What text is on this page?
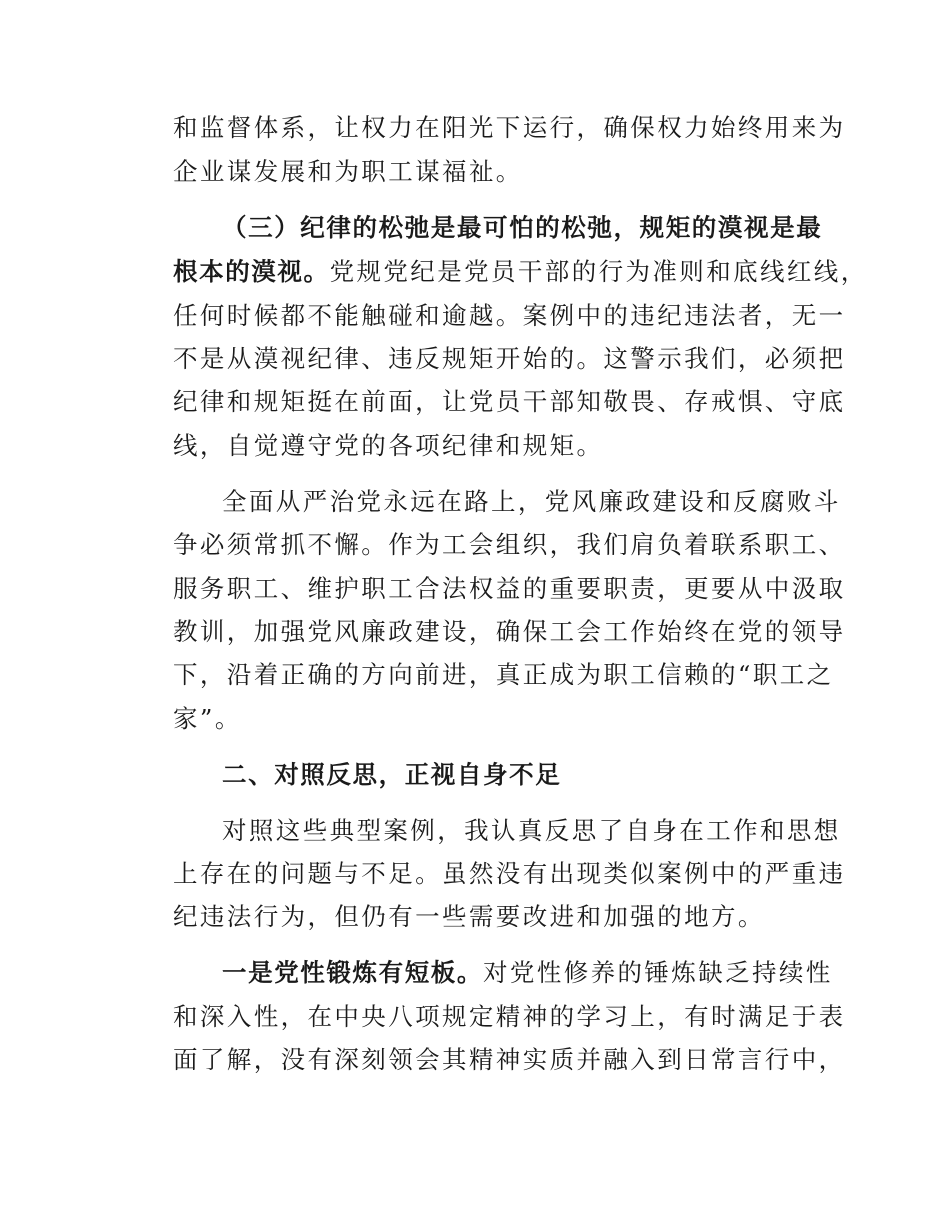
和监督体系，让权力在阳光下运行，确保权力始终用来为
企业谋发展和为职工谋福祉。
（三）纪律的松弛是最可怕的松弛，规矩的漠视是最
根本的漠视。党规党纪是党员干部的行为准则和底线红线，
任何时候都不能触碰和逾越。案例中的违纪违法者，无一
不是从漠视纪律、违反规矩开始的。这警示我们，必须把
纪律和规矩挺在前面，让党员干部知敬畏、存戒惧、守底
线，自觉遵守党的各项纪律和规矩。
全面从严治党永远在路上，党风廉政建设和反腐败斗
争必须常抓不懈。作为工会组织，我们肩负着联系职工、
服务职工、维护职工合法权益的重要职责，更要从中汲取
教训，加强党风廉政建设，确保工会工作始终在党的领导
下，沿着正确的方向前进，真正成为职工信赖的“职工之
家”。
二、对照反思，正视自身不足
对照这些典型案例，我认真反思了自身在工作和思想
上存在的问题与不足。虽然没有出现类似案例中的严重违
纪违法行为，但仍有一些需要改进和加强的地方。
一是党性锻炼有短板。对党性修养的锤炼缺乏持续性
和深入性，在中央八项规定精神的学习上，有时满足于表
面了解，没有深刻领会其精神实质并融入到日常言行中，
